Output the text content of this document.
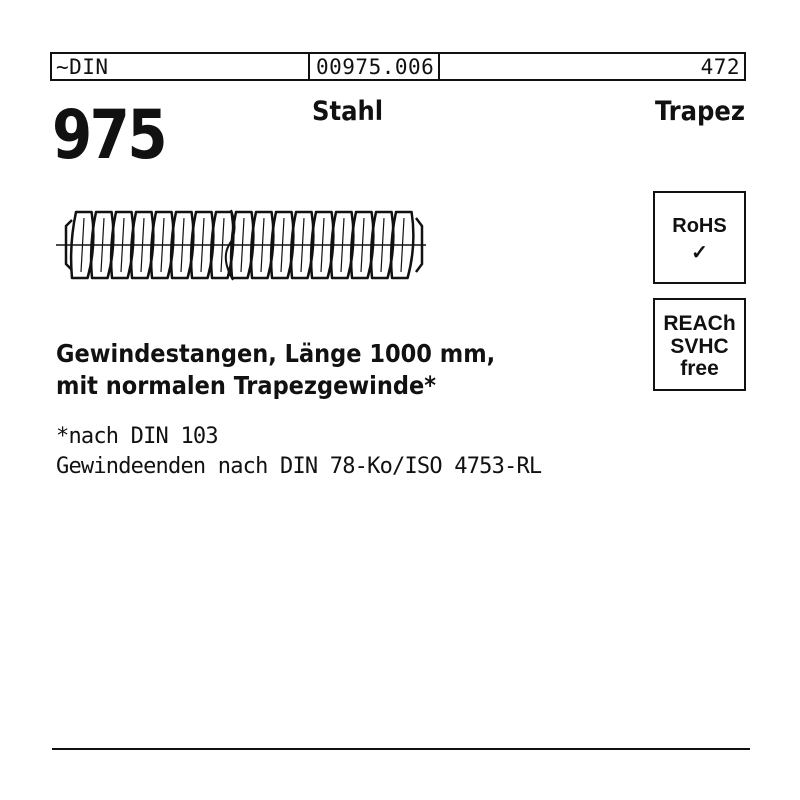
~DIN	00975.006	472
975	Stahl	Trapez
RoHS
✓
REACh
SVHC
free
Gewindestangen, Länge 1000 mm,
mit normalen Trapezgewinde*
*nach DIN 103
Gewindeenden nach DIN 78-Ko/ISO 4753-RL
